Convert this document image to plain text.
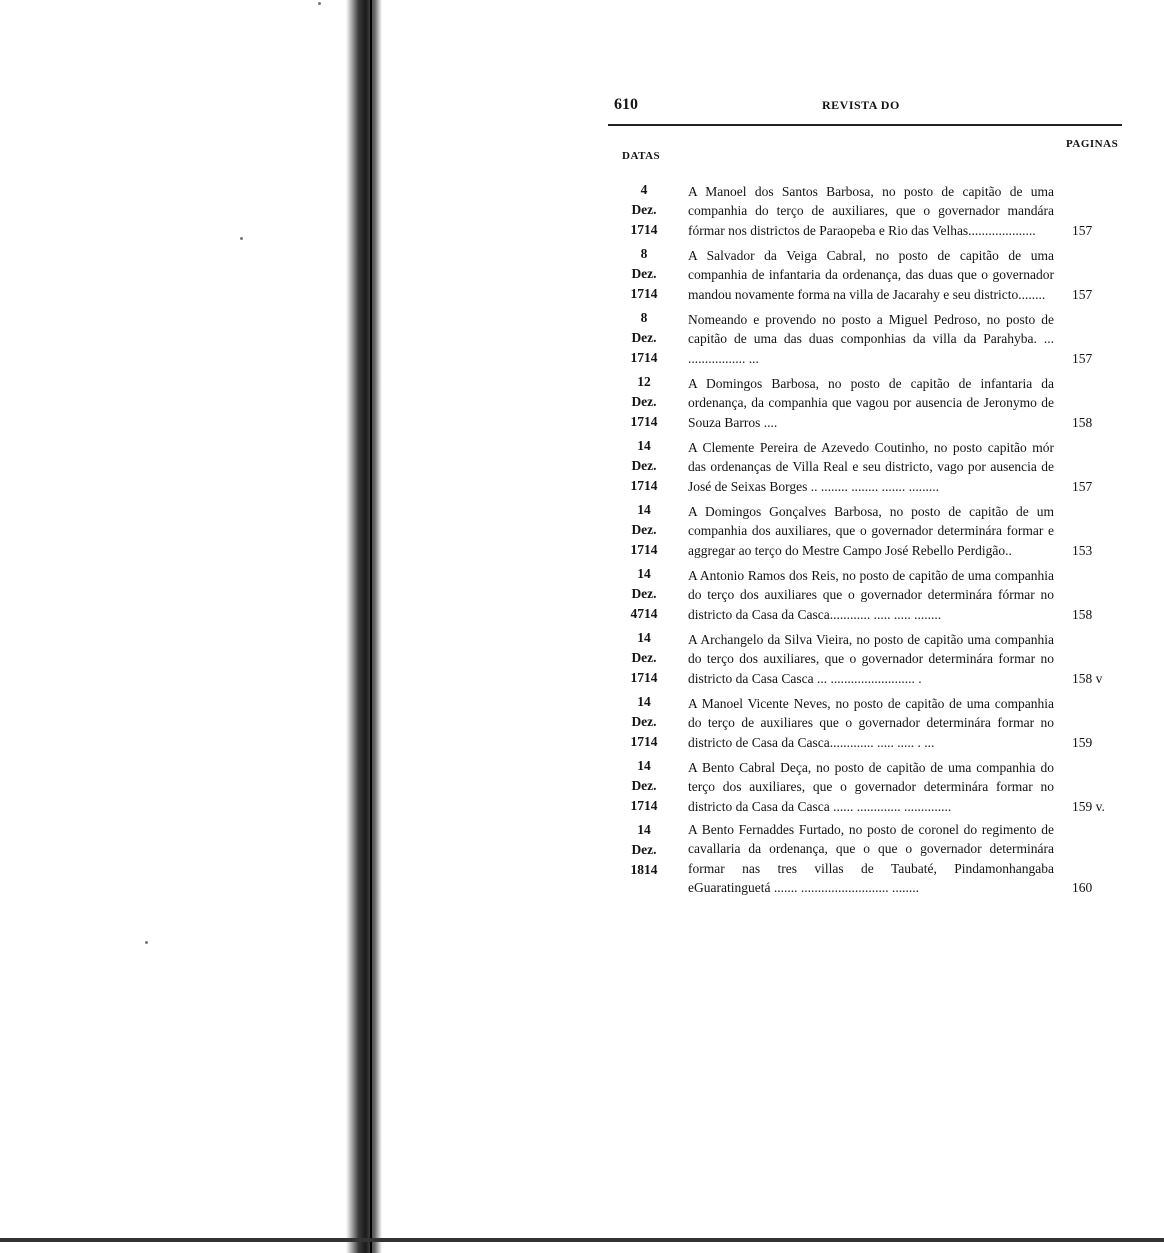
610	REVISTA DO
DATAS
PAGINAS
4
Dez.
1714
A Manoel dos Santos Barbosa, no posto de capitão de uma companhia do terço de auxiliares, que o governador mandára fórmar nos districtos de Paraopeba e Rio das Velhas....................	157
8
Dez.
1714
A Salvador da Veiga Cabral, no posto de capitão de uma companhia de infantaria da ordenança, das duas que o governador mandou novamente forma na villa de Jacarahy e seu districto........	157
8
Dez.
1714
Nomeando e provendo no posto a Miguel Pedroso, no posto de capitão de uma das duas componhias da villa da Parahyba. ... ................. ...	157
12
Dez.
1714
A Domingos Barbosa, no posto de capitão de infantaria da ordenança, da companhia que vagou por ausencia de Jeronymo de Souza Barros ....	158
14
Dez.
1714
A Clemente Pereira de Azevedo Coutinho, no posto capitão mór das ordenanças de Villa Real e seu districto, vago por ausencia de José de Seixas Borges .. ........ ........ ....... .........	157
14
Dez.
1714
A Domingos Gonçalves Barbosa, no posto de capitão de um companhia dos auxiliares, que o governador determinára formar e aggregar ao terço do Mestre Campo José Rebello Perdigão..	153
14
Dez.
4714
A Antonio Ramos dos Reis, no posto de capitão de uma companhia do terço dos auxiliares que o governador determinára fórmar no districto da Casa da Casca............ ..... ..... ........	158
14
Dez.
1714
A Archangelo da Silva Vieira, no posto de capitão uma companhia do terço dos auxiliares, que o governador determinára formar no districto da Casa Casca ... ......................... .	158 v
14
Dez.
1714
A Manoel Vicente Neves, no posto de capitão de uma companhia do terço de auxiliares que o governador determinára formar no districto de Casa da Casca............. ..... ..... . ...	159
14
Dez.
1714
A Bento Cabral Deça, no posto de capitão de uma companhia do terço dos auxiliares, que o governador determinára formar no districto da Casa da Casca ...... ............. ..............	159 v.
14
Dez.
1814
A Bento Fernaddes Furtado, no posto de coronel do regimento de cavallaria da ordenança, que o que o governador determinára formar nas tres villas de Taubaté, Pindamonhangaba eGuaratinguetá ....... .......................... ........	160
